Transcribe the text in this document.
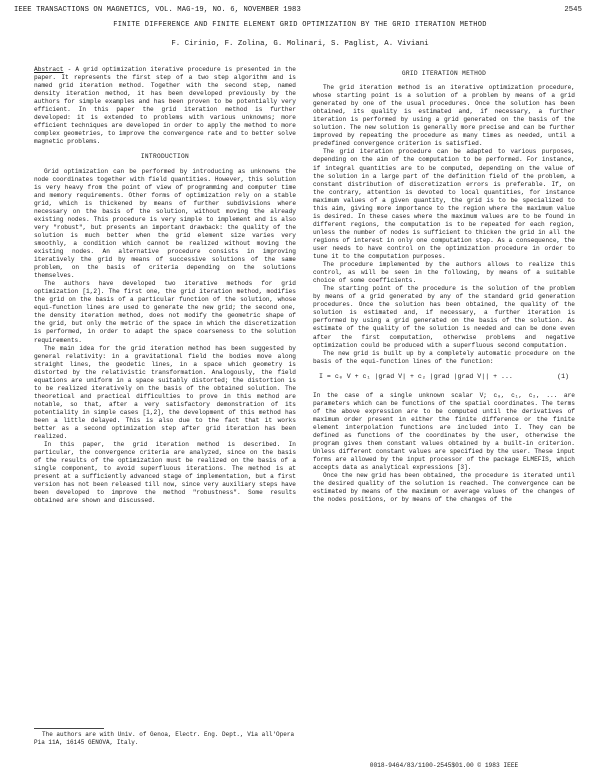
IEEE TRANSACTIONS ON MAGNETICS, VOL. MAG-19, NO. 6, NOVEMBER 1983	2545
FINITE DIFFERENCE AND FINITE ELEMENT GRID OPTIMIZATION BY THE GRID ITERATION METHOD
F. Cirinio, F. Zolina, G. Molinari, S. Paglist, A. Viviani

Abstract - A grid optimization iterative procedure is presented in the paper. It represents the first step of a two step algorithm and is named grid iteration method. Together with the second step, named density iteration method, it has been developed previously by the authors for simple examples and has been proven to be potentially very efficient. In this paper the grid iteration method is further developed: it is extended to problems with various unknowns; more efficient techniques are developed in order to apply the method to more complex geometries, to improve the convergence rate and to better solve magnetic problems.

INTRODUCTION

Grid optimization can be performed by introducing as unknowns the node coordinates together with field quantities. However, this solution is very heavy from the point of view of programming and computer time and memory requirements. Other forms of optimization rely on a stable grid, which is thickened by means of further subdivisions where necessary on the basis of the solution, without moving the already existing nodes. This procedure is very simple to implement and is also very "robust", but presents an important drawback: the quality of the solution is much better when the grid element size varies very smoothly, a condition which cannot be realized without moving the existing nodes. An alternative procedure consists in improving iteratively the grid by means of successive solutions of the same problem, on the basis of criteria depending on the solutions themselves.

The authors have developed two iterative methods for grid optimization [1,2]. The first one, the grid iteration method, modifies the grid on the basis of a particular function of the solution, whose equi-function lines are used to generate the new grid; the second one, the density iteration method, does not modify the geometric shape of the grid, but only the metric of the space in which the discretization is performed, in order to adapt the space coarseness to the solution requirements.

The main idea for the grid iteration method has been suggested by general relativity: in a gravitational field the bodies move along straight lines, the geodetic lines, in a space which geometry is distorted by the relativistic transformation. Analogously, the field equations are uniform in a space suitably distorted; the distortion is to be realized iteratively on the basis of the obtained solution. The theoretical and practical difficulties to prove in this method are notable, so that, after a very satisfactory demonstration of its potentiality in simple cases [1,2], the development of this method has been a little delayed. This is also due to the fact that it works better as a second optimization step after grid iteration has been realized.

In this paper, the grid iteration method is described. In particular, the convergence criteria are analyzed, since on the basis of the results of the optimization must be realized on the basis of a single component, to avoid superfluous iterations. The method is at present at a sufficiently advanced stage of implementation, but a first version has not been released till now, since very auxiliary steps have been developed to improve the method "robustness". Some results obtained are shown and discussed.

The authors are with Univ. of Genoa, Electr. Eng. Dept., Via all'Opera Pia 11A, 16145 GENOVA, Italy.

GRID ITERATION METHOD

The grid iteration method is an iterative optimization procedure, whose starting point is a solution of a problem by means of a grid generated by one of the usual procedures. Once the solution has been obtained, its quality is estimated and, if necessary, a further iteration is performed by using a grid generated on the basis of the solution. The new solution is generally more precise and can be further improved by repeating the procedure as many times as needed, until a predefined convergence criterion is satisfied.

The grid iteration procedure can be adapted to various purposes, depending on the aim of the computation to be performed. For instance, if integral quantities are to be computed, depending on the value of the solution in a large part of the definition field of the problem, a constant distribution of discretization errors is preferable. If, on the contrary, attention is devoted to local quantities, for instance maximum values of a given quantity, the grid is to be specialized to this aim, giving more importance to the region where the maximum value is desired. In these cases where the maximum values are to be found in different regions, the computation is to be repeated for each region, unless the number of nodes is sufficient to thicken the grid in all the regions of interest in only one computation step. As a consequence, the user needs to have control on the optimization procedure in order to tune it to the computation purposes.

The procedure implemented by the authors allows to realize this control, as will be seen in the following, by means of a suitable choice of some coefficients.

The starting point of the procedure is the solution of the problem by means of a grid generated by any of the standard grid generation procedures. Once the solution has been obtained, the quality of the solution is estimated and, if necessary, a further iteration is performed by using a grid generated on the basis of the solution. As estimate of the quality of the solution is needed and can be done even after the first computation, otherwise problems and negative optimization could be produced with a superfluous second computation.

The new grid is built up by a completely automatic procedure on the basis of the equi-function lines of the function:

I = c₀ V + c₁ |grad V| + c₂ |grad |grad V|| + ...	(1)

In the case of a single unknown scalar V; c₀, c₁, c₂, ... are parameters which can be functions of the spatial coordinates. The terms of the above expression are to be computed until the derivatives of maximum order present in either the finite difference or the finite element interpolation functions are included into I. They can be defined as functions of the coordinates by the user, otherwise the program gives them constant values obtained by a built-in criterion. Unless different constant values are specified by the user. These input forms are allowed by the input processor of the package ELMEFIS, which accepts data as analytical expressions [3].

Once the new grid has been obtained, the procedure is iterated until the desired quality of the solution is reached. The convergence can be estimated by means of the maximum or average values of the changes of the nodes positions, or by means of the changes of the

0018-9464/83/1100-2545$01.00 © 1983 IEEE
